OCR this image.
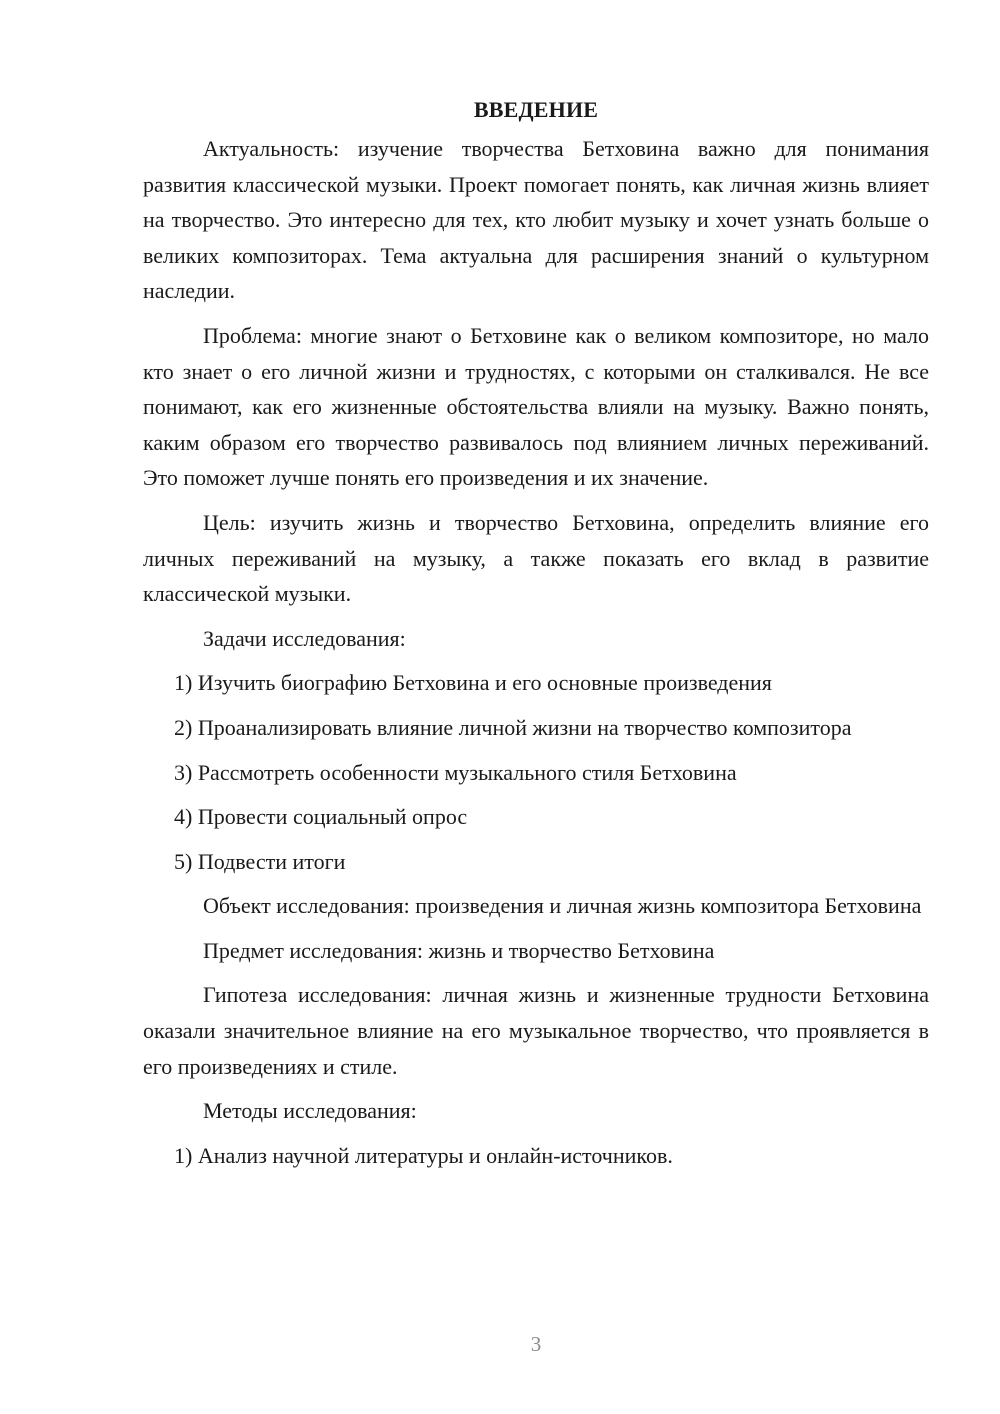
ВВЕДЕНИЕ

Актуальность: изучение творчества Бетховина важно для понимания развития классической музыки. Проект помогает понять, как личная жизнь влияет на творчество. Это интересно для тех, кто любит музыку и хочет узнать больше о великих композиторах. Тема актуальна для расширения знаний о культурном наследии.

Проблема: многие знают о Бетховине как о великом композиторе, но мало кто знает о его личной жизни и трудностях, с которыми он сталкивался. Не все понимают, как его жизненные обстоятельства влияли на музыку. Важно понять, каким образом его творчество развивалось под влиянием личных переживаний. Это поможет лучше понять его произведения и их значение.

Цель: изучить жизнь и творчество Бетховина, определить влияние его личных переживаний на музыку, а также показать его вклад в развитие классической музыки.

Задачи исследования:

1) Изучить биографию Бетховина и его основные произведения

2) Проанализировать влияние личной жизни на творчество композитора

3) Рассмотреть особенности музыкального стиля Бетховина

4) Провести социальный опрос

5) Подвести итоги

Объект исследования: произведения и личная жизнь композитора Бетховина

Предмет исследования: жизнь и творчество Бетховина

Гипотеза исследования: личная жизнь и жизненные трудности Бетховина оказали значительное влияние на его музыкальное творчество, что проявляется в его произведениях и стиле.

Методы исследования:

1) Анализ научной литературы и онлайн-источников.

3
